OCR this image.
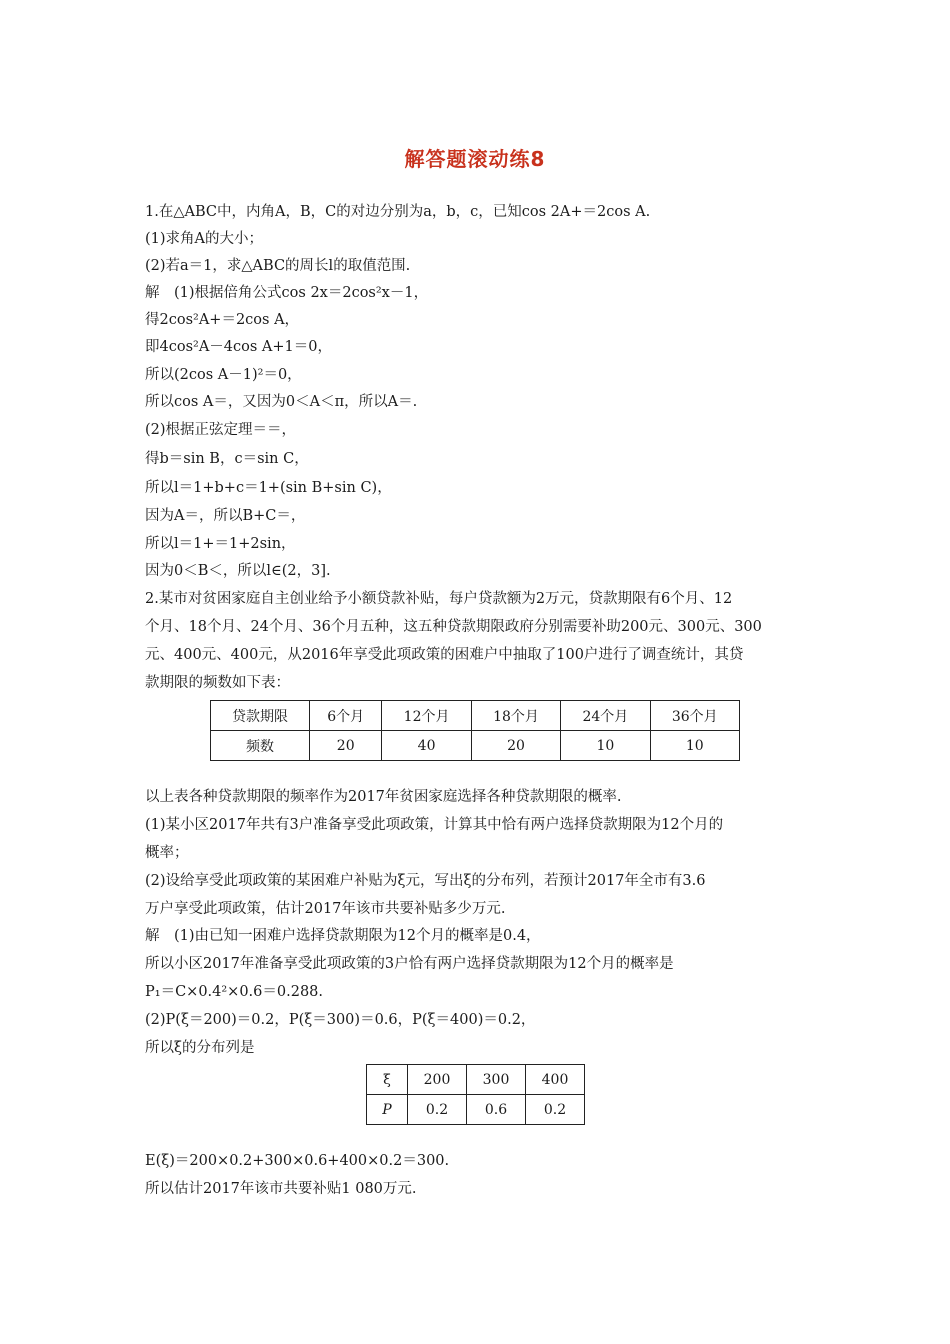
解答题滚动练8
1.在△ABC中，内角A，B，C的对边分别为a，b，c，已知cos 2A+＝2cos A.
(1)求角A的大小；
(2)若a＝1，求△ABC的周长l的取值范围.
解　(1)根据倍角公式cos 2x＝2cos²x－1，
得2cos²A+＝2cos A，
即4cos²A－4cos A+1＝0，
所以(2cos A－1)²＝0，
所以cos A＝，又因为0＜A＜π，所以A＝.
(2)根据正弦定理＝＝，
得b＝sin B，c＝sin C，
所以l＝1+b+c＝1+(sin B+sin C)，
因为A＝，所以B+C＝，
所以l＝1+＝1+2sin，
因为0＜B＜，所以l∈(2，3].
2.某市对贫困家庭自主创业给予小额贷款补贴，每户贷款额为2万元，贷款期限有6个月、12
个月、18个月、24个月、36个月五种，这五种贷款期限政府分别需要补助200元、300元、300
元、400元、400元，从2016年享受此项政策的困难户中抽取了100户进行了调查统计，其贷
款期限的频数如下表：
贷款期限	6个月	12个月	18个月	24个月	36个月
频数	20	40	20	10	10
以上表各种贷款期限的频率作为2017年贫困家庭选择各种贷款期限的概率.
(1)某小区2017年共有3户准备享受此项政策，计算其中恰有两户选择贷款期限为12个月的
概率；
(2)设给享受此项政策的某困难户补贴为ξ元，写出ξ的分布列，若预计2017年全市有3.6
万户享受此项政策，估计2017年该市共要补贴多少万元.
解　(1)由已知一困难户选择贷款期限为12个月的概率是0.4，
所以小区2017年准备享受此项政策的3户恰有两户选择贷款期限为12个月的概率是
P₁＝C×0.4²×0.6＝0.288.
(2)P(ξ＝200)＝0.2，P(ξ＝300)＝0.6，P(ξ＝400)＝0.2，
所以ξ的分布列是
ξ	200	300	400
P	0.2	0.6	0.2
E(ξ)＝200×0.2+300×0.6+400×0.2＝300.
所以估计2017年该市共要补贴1 080万元.
